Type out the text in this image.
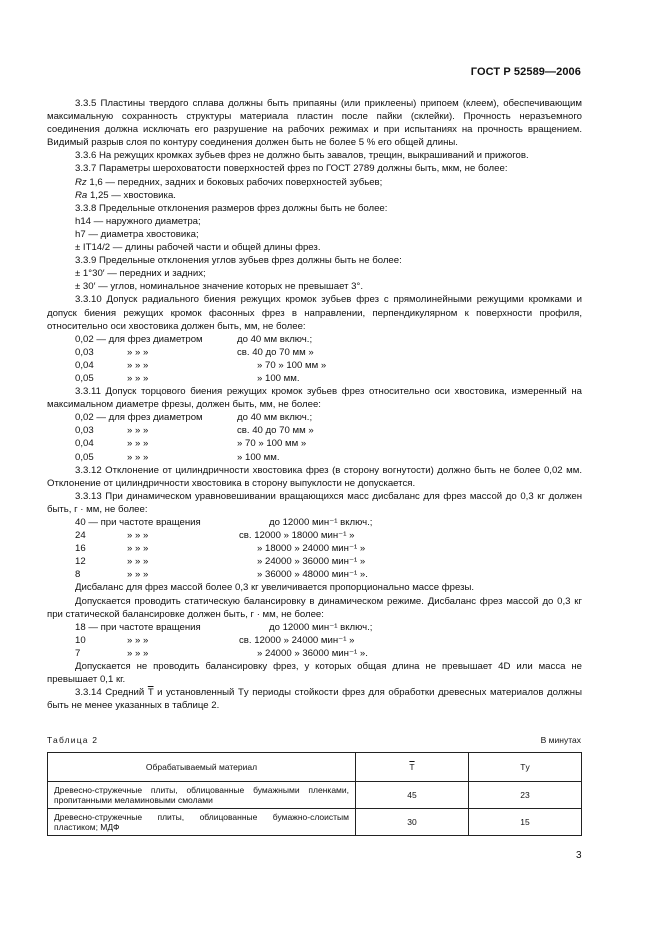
ГОСТ Р 52589—2006

3.3.5 Пластины твердого сплава должны быть припаяны (или приклеены) припоем (клеем), обеспечивающим максимальную сохранность структуры материала пластин после пайки (склейки). Прочность неразъемного соединения должна исключать его разрушение на рабочих режимах и при испытаниях на прочность вращением. Видимый разрыв слоя по контуру соединения должен быть не более 5 % его общей длины.

3.3.6 На режущих кромках зубьев фрез не должно быть завалов, трещин, выкрашиваний и прижогов.

3.3.7 Параметры шероховатости поверхностей фрез по ГОСТ 2789 должны быть, мкм, не более:

Rz 1,6 — передних, задних и боковых рабочих поверхностей зубьев;

Ra 1,25 — хвостовика.

3.3.8 Предельные отклонения размеров фрез должны быть не более:

h14 — наружного диаметра;

h7 — диаметра хвостовика;

± IT14/2 — длины рабочей части и общей длины фрез.

3.3.9 Предельные отклонения углов зубьев фрез должны быть не более:

± 1°30′ — передних и задних;

± 30′ — углов, номинальное значение которых не превышает 3°.

3.3.10 Допуск радиального биения режущих кромок зубьев фрез с прямолинейными режущими кромками и допуск биения режущих кромок фасонных фрез в направлении, перпендикулярном к поверхности профиля, относительно оси хвостовика должен быть, мм, не более:

0,02 — для фрез диаметром	до 40 мм включ.;
0,03	» » »	св. 40 до 70 мм »
0,04	» » »	» 70 » 100 мм »
0,05	» » »	» 100 мм.

3.3.11 Допуск торцового биения режущих кромок зубьев фрез относительно оси хвостовика, измеренный на максимальном диаметре фрезы, должен быть, мм, не более:

0,02 — для фрез диаметром	до 40 мм включ.;
0,03	» » »	св. 40 до 70 мм »
0,04	» » »	» 70 » 100 мм »
0,05	» » »	» 100 мм.

3.3.12 Отклонение от цилиндричности хвостовика фрез (в сторону вогнутости) должно быть не более 0,02 мм. Отклонение от цилиндричности хвостовика в сторону выпуклости не допускается.

3.3.13 При динамическом уравновешивании вращающихся масс дисбаланс для фрез массой до 0,3 кг должен быть, г · мм, не более:

40 — при частоте вращения	до 12000 мин⁻¹ включ.;
24	» » »	св. 12000 » 18000 мин⁻¹ »
16	» » »	» 18000 » 24000 мин⁻¹ »
12	» » »	» 24000 » 36000 мин⁻¹ »
8	» » »	» 36000 » 48000 мин⁻¹ ».

Дисбаланс для фрез массой более 0,3 кг увеличивается пропорционально массе фрезы.

Допускается проводить статическую балансировку в динамическом режиме. Дисбаланс фрез массой до 0,3 кг при статической балансировке должен быть, г · мм, не более:

18 — при частоте вращения	до 12000 мин⁻¹ включ.;
10	» » »	св. 12000 » 24000 мин⁻¹ »
7	» » »	» 24000 » 36000 мин⁻¹ ».

Допускается не проводить балансировку фрез, у которых общая длина не превышает 4D или масса не превышает 0,1 кг.

3.3.14 Средний $\overline{T}$ и установленный Tу периоды стойкости фрез для обработки древесных материалов должны быть не менее указанных в таблице 2.

Таблица 2	В минутах
Обрабатываемый материал	$\overline{T}$	Tу
Древесно-стружечные плиты, облицованные бумажными пленками, пропитанными меламиновыми смолами	45	23
Древесно-стружечные плиты, облицованные бумажно-слоистым пластиком; МДФ	30	15
3
